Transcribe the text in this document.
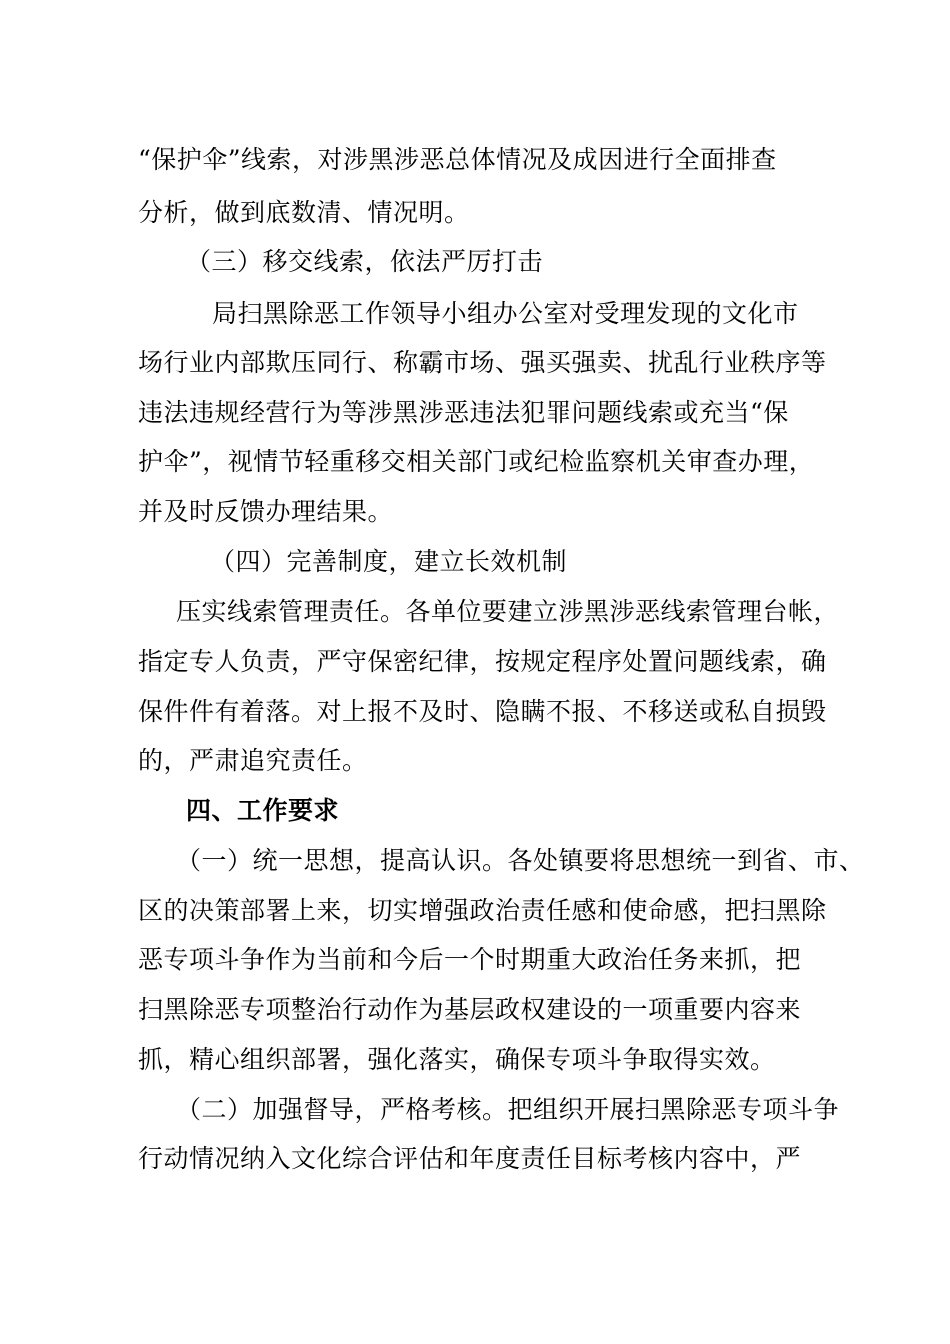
“保护伞”线索，对涉黑涉恶总体情况及成因进行全面排查
分析，做到底数清、情况明。
（三）移交线索，依法严厉打击
局扫黑除恶工作领导小组办公室对受理发现的文化市
场行业内部欺压同行、称霸市场、强买强卖、扰乱行业秩序等
违法违规经营行为等涉黑涉恶违法犯罪问题线索或充当“保
护伞”，视情节轻重移交相关部门或纪检监察机关审查办理，
并及时反馈办理结果。
（四）完善制度，建立长效机制
压实线索管理责任。各单位要建立涉黑涉恶线索管理台帐，
指定专人负责，严守保密纪律，按规定程序处置问题线索，确
保件件有着落。对上报不及时、隐瞒不报、不移送或私自损毁
的，严肃追究责任。
四、工作要求
（一）统一思想，提高认识。各处镇要将思想统一到省、市、
区的决策部署上来，切实增强政治责任感和使命感，把扫黑除
恶专项斗争作为当前和今后一个时期重大政治任务来抓，把
扫黑除恶专项整治行动作为基层政权建设的一项重要内容来
抓，精心组织部署，强化落实，确保专项斗争取得实效。
（二）加强督导，严格考核。把组织开展扫黑除恶专项斗争
行动情况纳入文化综合评估和年度责任目标考核内容中，严
